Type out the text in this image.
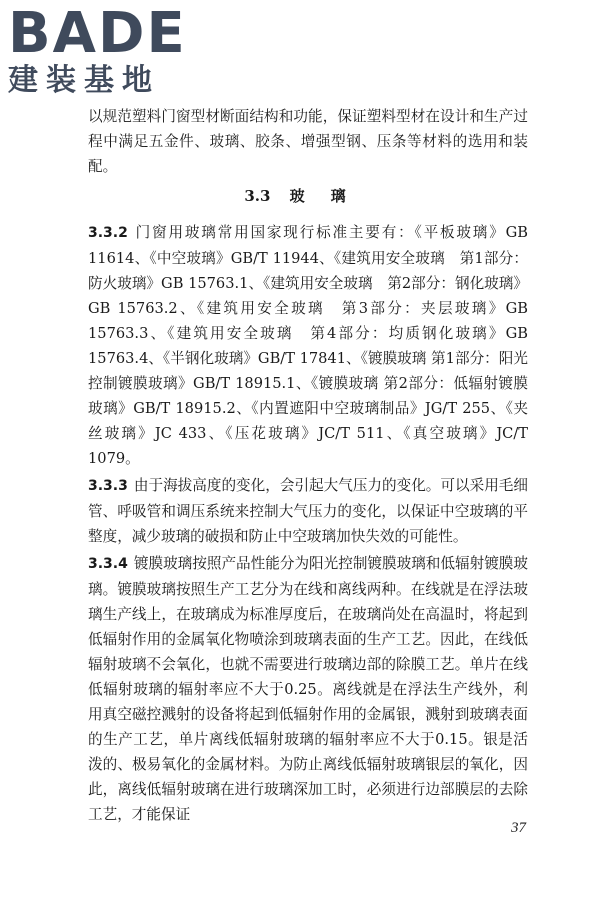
BADE
建装基地

以规范塑料门窗型材断面结构和功能，保证塑料型材在设计和生产过程中满足五金件、玻璃、胶条、增强型钢、压条等材料的选用和装配。

3.3 玻璃

3.3.2 门窗用玻璃常用国家现行标准主要有：《平板玻璃》GB 11614、《中空玻璃》GB/T 11944、《建筑用安全玻璃　第1部分：防火玻璃》GB 15763.1、《建筑用安全玻璃　第2部分：钢化玻璃》GB 15763.2、《建筑用安全玻璃　第3部分：夹层玻璃》GB 15763.3、《建筑用安全玻璃　第4部分：均质钢化玻璃》GB 15763.4、《半钢化玻璃》GB/T 17841、《镀膜玻璃 第1部分：阳光控制镀膜玻璃》GB/T 18915.1、《镀膜玻璃 第2部分：低辐射镀膜玻璃》GB/T 18915.2、《内置遮阳中空玻璃制品》JG/T 255、《夹丝玻璃》JC 433、《压花玻璃》JC/T 511、《真空玻璃》JC/T 1079。

3.3.3 由于海拔高度的变化，会引起大气压力的变化。可以采用毛细管、呼吸管和调压系统来控制大气压力的变化，以保证中空玻璃的平整度，减少玻璃的破损和防止中空玻璃加快失效的可能性。

3.3.4 镀膜玻璃按照产品性能分为阳光控制镀膜玻璃和低辐射镀膜玻璃。镀膜玻璃按照生产工艺分为在线和离线两种。在线就是在浮法玻璃生产线上，在玻璃成为标准厚度后，在玻璃尚处在高温时，将起到低辐射作用的金属氧化物喷涂到玻璃表面的生产工艺。因此，在线低辐射玻璃不会氧化，也就不需要进行玻璃边部的除膜工艺。单片在线低辐射玻璃的辐射率应不大于0.25。离线就是在浮法生产线外，利用真空磁控溅射的设备将起到低辐射作用的金属银，溅射到玻璃表面的生产工艺，单片离线低辐射玻璃的辐射率应不大于0.15。银是活泼的、极易氧化的金属材料。为防止离线低辐射玻璃银层的氧化，因此，离线低辐射玻璃在进行玻璃深加工时，必须进行边部膜层的去除工艺，才能保证

37
